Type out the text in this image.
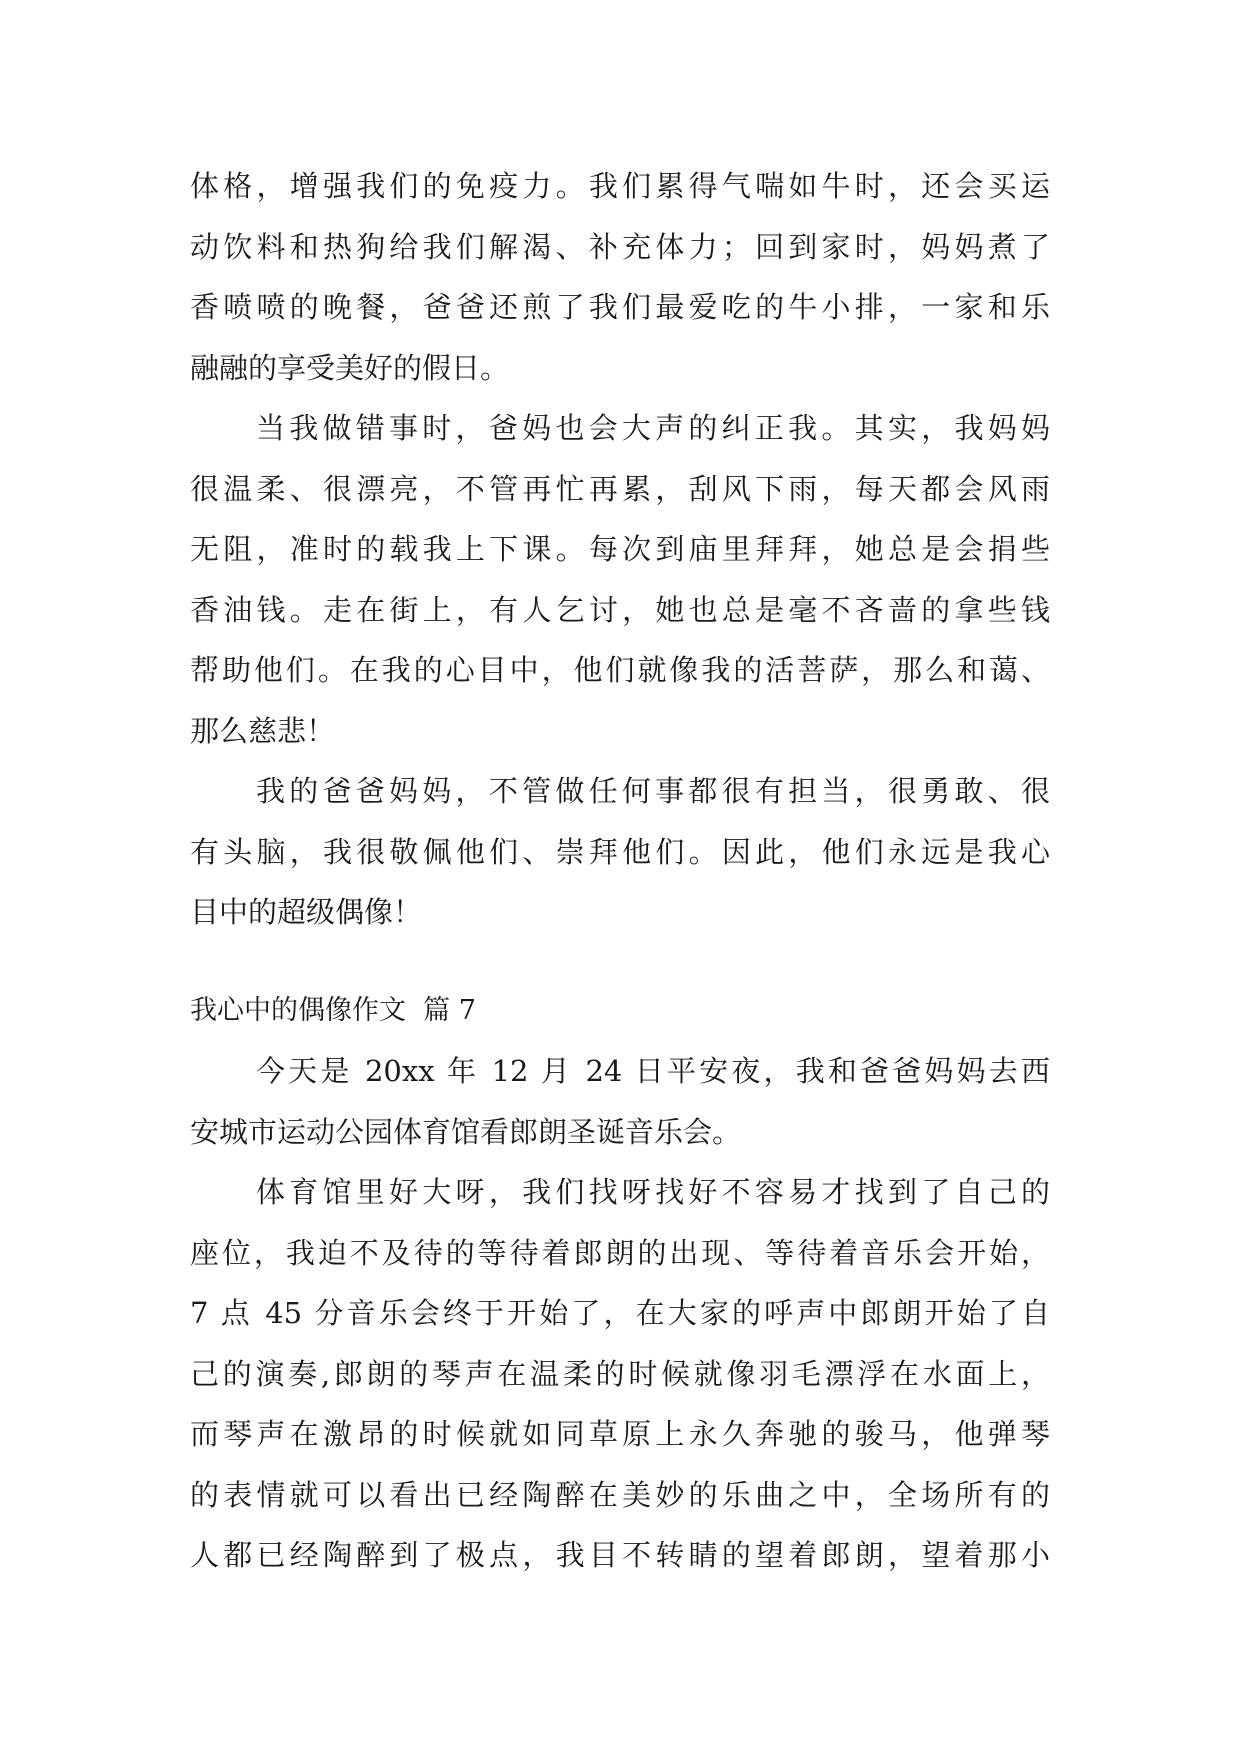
体格，增强我们的免疫力。我们累得气喘如牛时，还会买运
动饮料和热狗给我们解渴、补充体力；回到家时，妈妈煮了
香喷喷的晚餐，爸爸还煎了我们最爱吃的牛小排，一家和乐
融融的享受美好的假日。
当我做错事时，爸妈也会大声的纠正我。其实，我妈妈
很温柔、很漂亮，不管再忙再累，刮风下雨，每天都会风雨
无阻，准时的载我上下课。每次到庙里拜拜，她总是会捐些
香油钱。走在街上，有人乞讨，她也总是毫不吝啬的拿些钱
帮助他们。在我的心目中，他们就像我的活菩萨，那么和蔼、
那么慈悲！
我的爸爸妈妈，不管做任何事都很有担当，很勇敢、很
有头脑，我很敬佩他们、崇拜他们。因此，他们永远是我心
目中的超级偶像！
我心中的偶像作文  篇 7
今天是 20xx 年 12 月 24 日平安夜，我和爸爸妈妈去西
安城市运动公园体育馆看郎朗圣诞音乐会。
体育馆里好大呀，我们找呀找好不容易才找到了自己的
座位，我迫不及待的等待着郎朗的出现、等待着音乐会开始，
7 点 45 分音乐会终于开始了，在大家的呼声中郎朗开始了自
己的演奏,郎朗的琴声在温柔的时候就像羽毛漂浮在水面上，
而琴声在激昂的时候就如同草原上永久奔驰的骏马，他弹琴
的表情就可以看出已经陶醉在美妙的乐曲之中，全场所有的
人都已经陶醉到了极点，我目不转睛的望着郎朗，望着那小
